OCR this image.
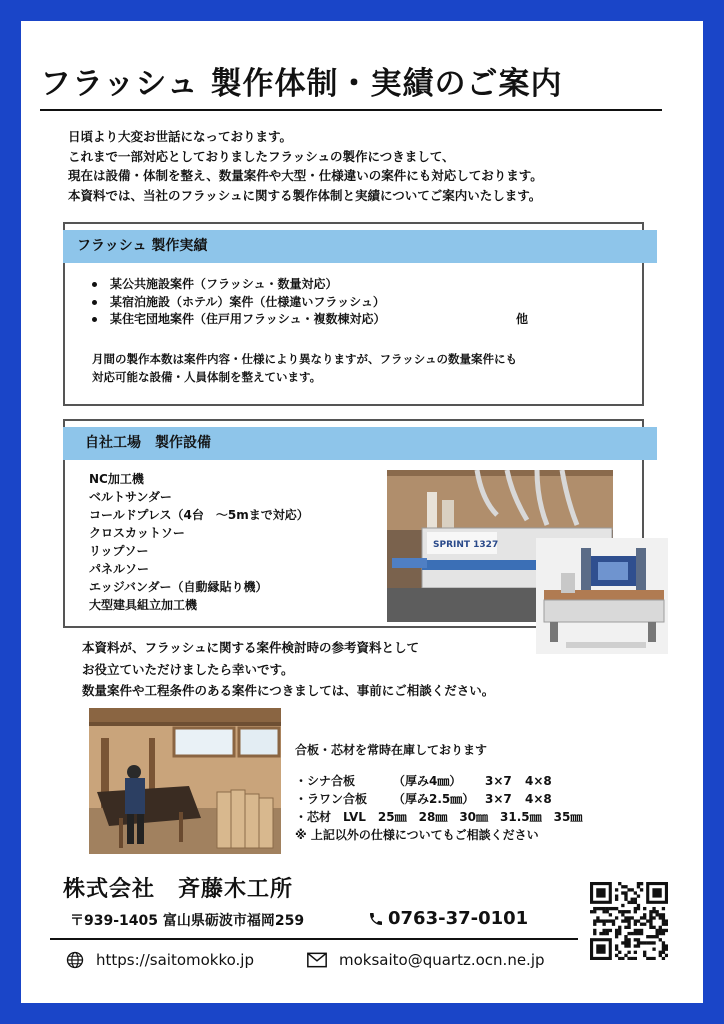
フラッシュ 製作体制・実績のご案内
日頃より大変お世話になっております。
これまで一部対応としておりましたフラッシュの製作につきまして、
現在は設備・体制を整え、数量案件や大型・仕様違いの案件にも対応しております。
本資料では、当社のフラッシュに関する製作体制と実績についてご案内いたします。
フラッシュ 製作実績
某公共施設案件（フラッシュ・数量対応）
某宿泊施設（ホテル）案件（仕様違いフラッシュ）
某住宅団地案件（住戸用フラッシュ・複数棟対応）	他
月間の製作本数は案件内容・仕様により異なりますが、フラッシュの数量案件にも
対応可能な設備・人員体制を整えています。
自社工場　製作設備
NC加工機
ベルトサンダー
コールドプレス（4台　～5mまで対応）
クロスカットソー
リップソー
パネルソー
エッジバンダー（自動縁貼り機）
大型建具組立加工機
SPRINT 1327
本資料が、フラッシュに関する案件検討時の参考資料として
お役立ていただけましたら幸いです。
数量案件や工程条件のある案件につきましては、事前にご相談ください。
合板・芯材を常時在庫しております
・シナ合板	（厚み4㎜） 3×7 4×8
・ラワン合板 （厚み2.5㎜） 3×7 4×8
・芯材　LVL　25㎜　28㎜　30㎜　31.5㎜　35㎜
※ 上記以外の仕様についてもご相談ください
株式会社　斉藤木工所
〒939-1405 富山県砺波市福岡259	0763-37-0101
https://saitomokko.jp	moksaito@quartz.ocn.ne.jp
